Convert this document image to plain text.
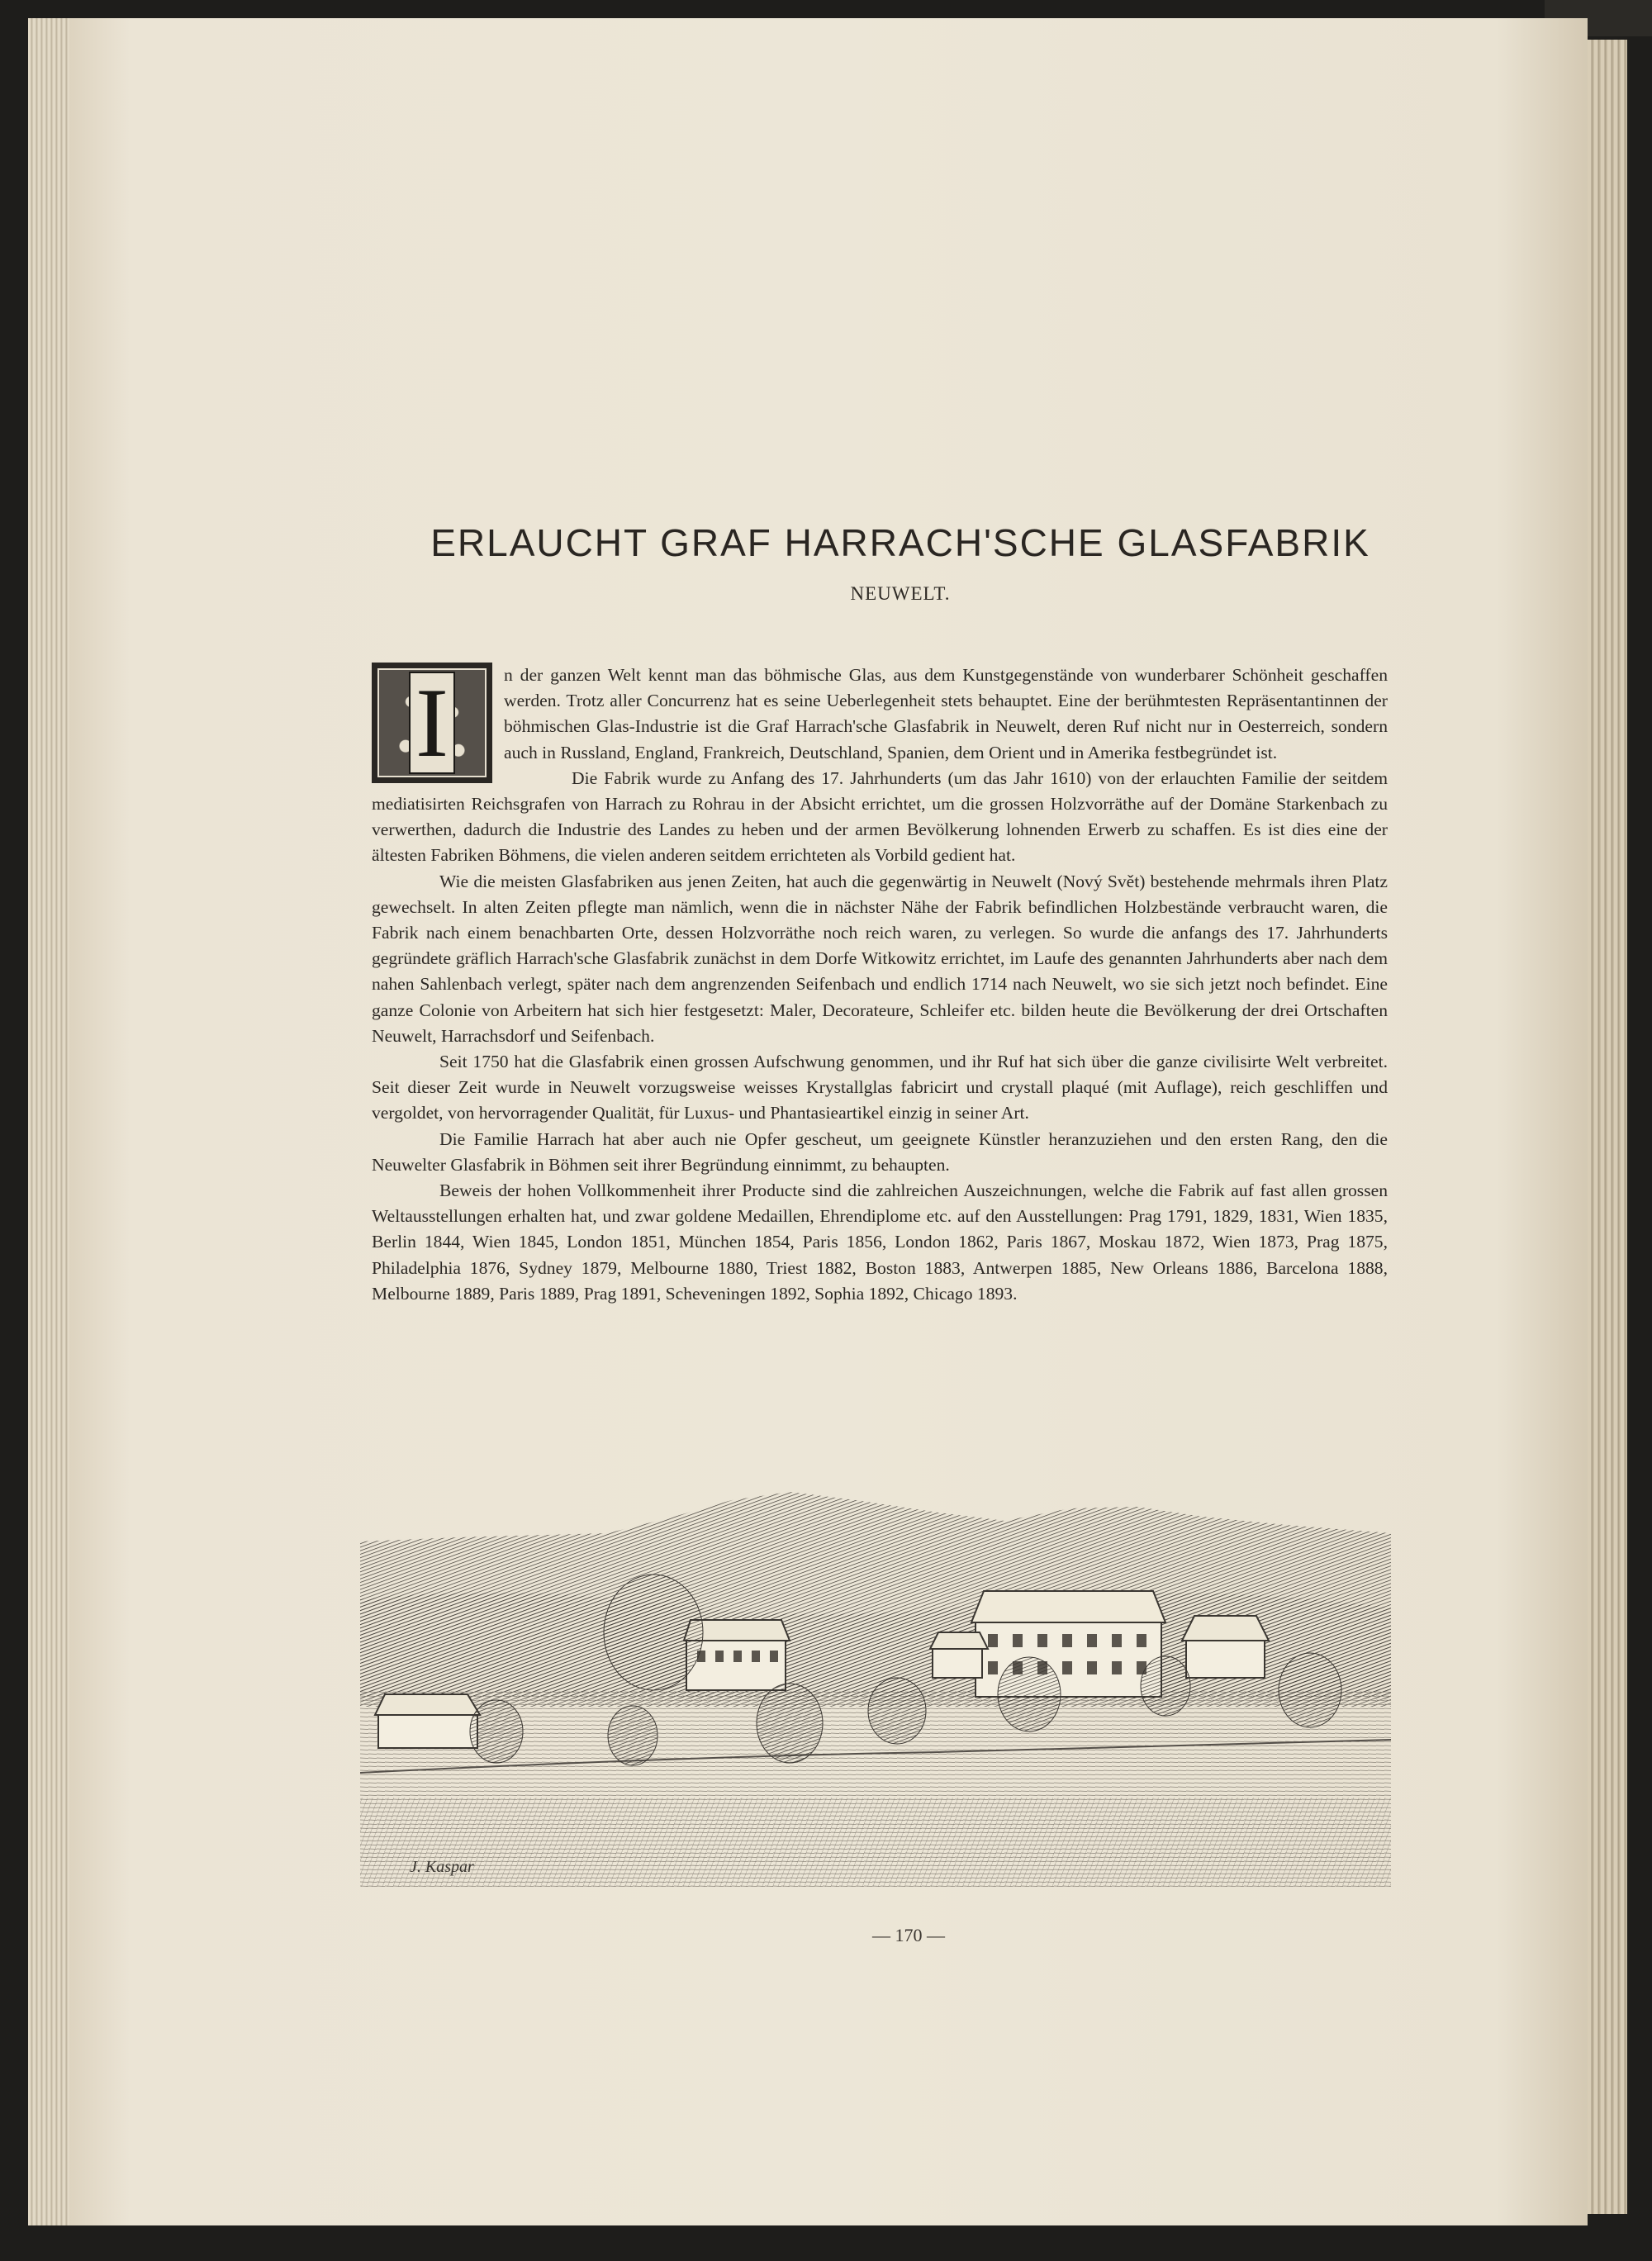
ERLAUCHT GRAF HARRACH'SCHE GLASFABRIK
NEUWELT.

I	n der ganzen Welt kennt man das böhmische Glas, aus dem Kunstgegenstände von wunderbarer Schönheit geschaffen werden. Trotz aller Concurrenz hat es seine Ueberlegenheit stets behauptet. Eine der berühmtesten Repräsentantinnen der böhmischen Glas-Industrie ist die Graf Harrach'sche Glasfabrik in Neuwelt, deren Ruf nicht nur in Oesterreich, sondern auch in Russland, England, Frankreich, Deutschland, Spanien, dem Orient und in Amerika festbegründet ist.

Die Fabrik wurde zu Anfang des 17. Jahrhunderts (um das Jahr 1610) von der erlauchten Familie der seitdem mediatisirten Reichsgrafen von Harrach zu Rohrau in der Absicht errichtet, um die grossen Holzvorräthe auf der Domäne Starkenbach zu verwerthen, dadurch die Industrie des Landes zu heben und der armen Bevölkerung lohnenden Erwerb zu schaffen. Es ist dies eine der ältesten Fabriken Böhmens, die vielen anderen seitdem errichteten als Vorbild gedient hat.

Wie die meisten Glasfabriken aus jenen Zeiten, hat auch die gegenwärtig in Neuwelt (Nový Svět) bestehende mehrmals ihren Platz gewechselt. In alten Zeiten pflegte man nämlich, wenn die in nächster Nähe der Fabrik befindlichen Holzbestände verbraucht waren, die Fabrik nach einem benachbarten Orte, dessen Holzvorräthe noch reich waren, zu verlegen. So wurde die anfangs des 17. Jahrhunderts gegründete gräflich Harrach'sche Glasfabrik zunächst in dem Dorfe Witkowitz errichtet, im Laufe des genannten Jahrhunderts aber nach dem nahen Sahlenbach verlegt, später nach dem angrenzenden Seifenbach und endlich 1714 nach Neuwelt, wo sie sich jetzt noch befindet. Eine ganze Colonie von Arbeitern hat sich hier festgesetzt: Maler, Decorateure, Schleifer etc. bilden heute die Bevölkerung der drei Ortschaften Neuwelt, Harrachsdorf und Seifenbach.

Seit 1750 hat die Glasfabrik einen grossen Aufschwung genommen, und ihr Ruf hat sich über die ganze civilisirte Welt verbreitet. Seit dieser Zeit wurde in Neuwelt vorzugsweise weisses Krystallglas fabricirt und crystall plaqué (mit Auflage), reich geschliffen und vergoldet, von hervorragender Qualität, für Luxus- und Phantasieartikel einzig in seiner Art.

Die Familie Harrach hat aber auch nie Opfer gescheut, um geeignete Künstler heranzuziehen und den ersten Rang, den die Neuwelter Glasfabrik in Böhmen seit ihrer Begründung einnimmt, zu behaupten.

Beweis der hohen Vollkommenheit ihrer Producte sind die zahlreichen Auszeichnungen, welche die Fabrik auf fast allen grossen Weltausstellungen erhalten hat, und zwar goldene Medaillen, Ehrendiplome etc. auf den Ausstellungen: Prag 1791, 1829, 1831, Wien 1835, Berlin 1844, Wien 1845, London 1851, München 1854, Paris 1856, London 1862, Paris 1867, Moskau 1872, Wien 1873, Prag 1875, Philadelphia 1876, Sydney 1879, Melbourne 1880, Triest 1882, Boston 1883, Antwerpen 1885, New Orleans 1886, Barcelona 1888, Melbourne 1889, Paris 1889, Prag 1891, Scheveningen 1892, Sophia 1892, Chicago 1893.

J. Kaspar
— 170 —
